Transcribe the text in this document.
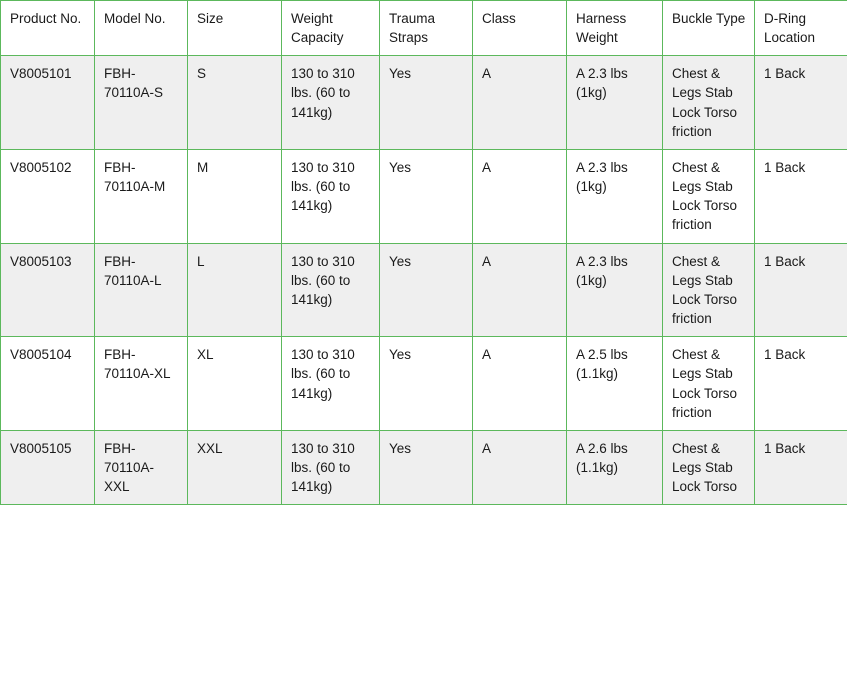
Product No.	Model No.	Size	Weight Capacity	Trauma Straps	Class	Harness Weight	Buckle Type	D-Ring Location
V8005101	FBH-70110A-S	S	130 to 310 lbs. (60 to 141kg)	Yes	A	A 2.3 lbs (1kg)	Chest & Legs Stab Lock Torso friction	1 Back
V8005102	FBH-70110A-M	M	130 to 310 lbs. (60 to 141kg)	Yes	A	A 2.3 lbs (1kg)	Chest & Legs Stab Lock Torso friction	1 Back
V8005103	FBH-70110A-L	L	130 to 310 lbs. (60 to 141kg)	Yes	A	A 2.3 lbs (1kg)	Chest & Legs Stab Lock Torso friction	1 Back
V8005104	FBH-70110A-XL	XL	130 to 310 lbs. (60 to 141kg)	Yes	A	A 2.5 lbs (1.1kg)	Chest & Legs Stab Lock Torso friction	1 Back
V8005105	FBH-70110A-XXL	XXL	130 to 310 lbs. (60 to 141kg)	Yes	A	A 2.6 lbs (1.1kg)	Chest & Legs Stab Lock Torso	1 Back
